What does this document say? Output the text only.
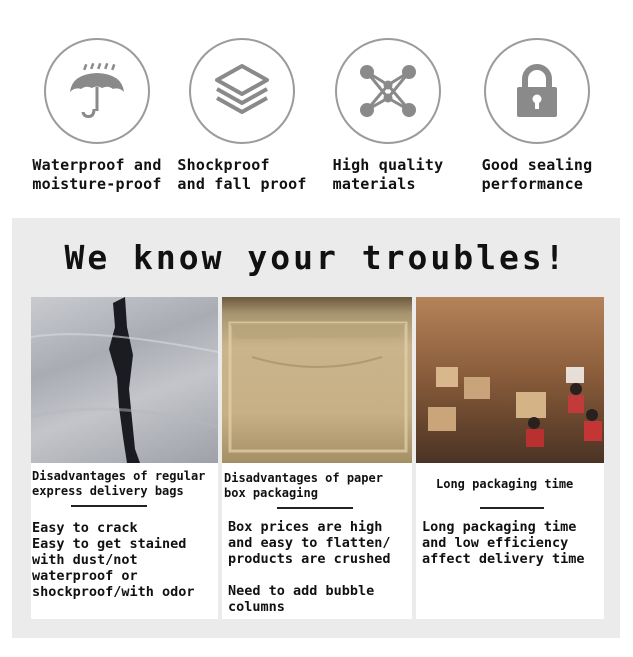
Waterproof and
moisture-proof
Shockproof
and fall proof
High quality
materials
Good sealing
performance
We know your troubles!
Disadvantages of regular
express delivery bags
Easy to crack
Easy to get stained
with dust/not
waterproof or
shockproof/with odor
Disadvantages of paper
box packaging
Box prices are high
and easy to flatten/
products are crushed

Need to add bubble
columns
Long packaging time
Long packaging time
and low efficiency
affect delivery time
